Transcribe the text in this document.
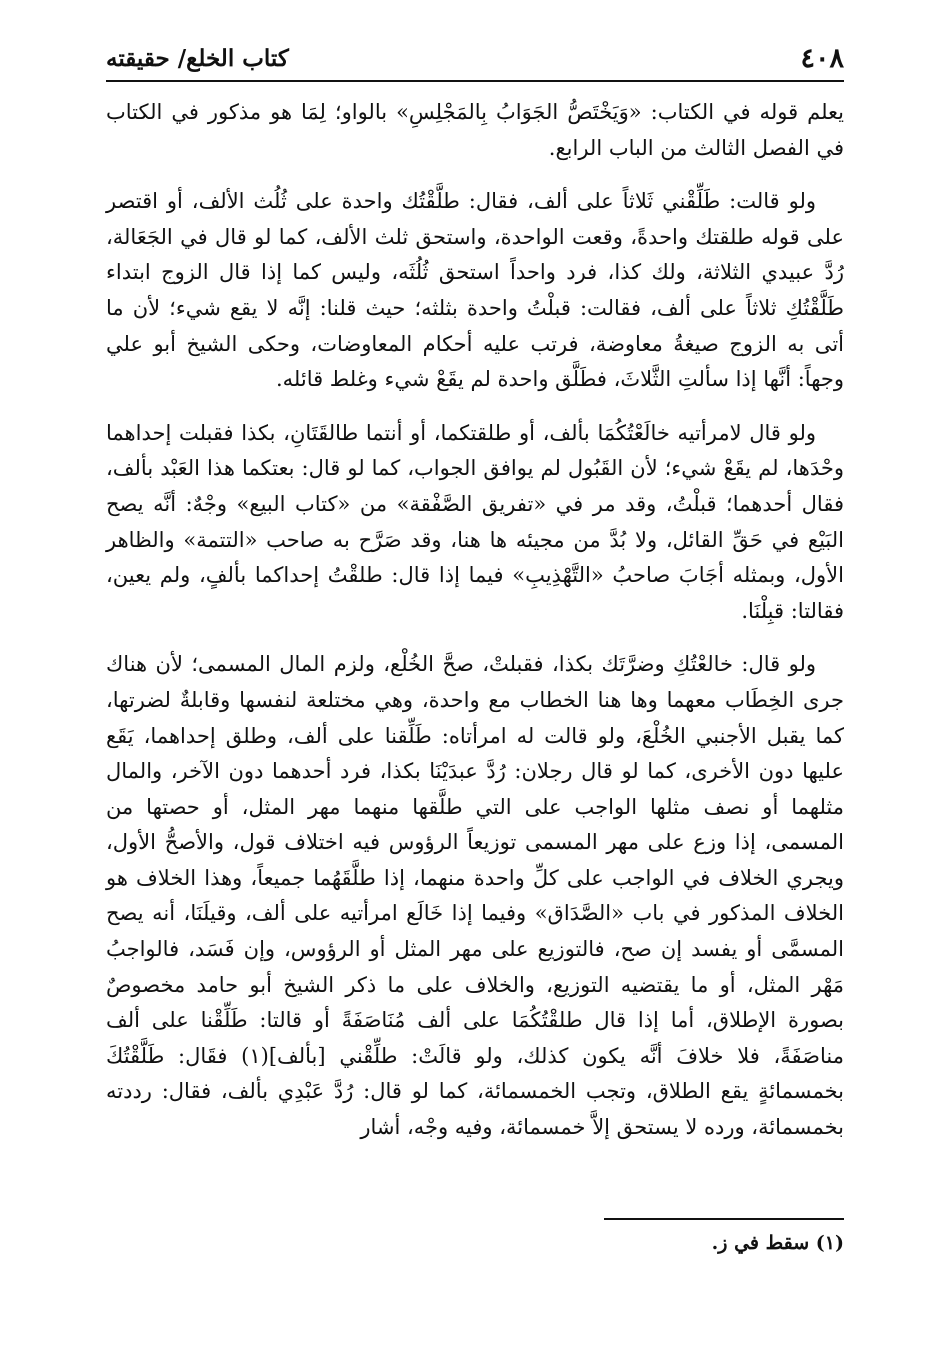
٤٠٨
كتاب الخلع/ حقيقته

يعلم قوله في الكتاب: «وَيَخْتَصُّ الجَوَابُ بِالمَجْلِسِ» بالواو؛ لِمَا هو مذكور في الكتاب في الفصل الثالث من الباب الرابع.

ولو قالت: طَلِّقْني ثَلاثاً على ألف، فقال: طلَّقْتُك واحدة على ثُلُث الألف، أو اقتصر على قوله طلقتك واحدةً، وقعت الواحدة، واستحق ثلث الألف، كما لو قال في الجَعَالة، رُدَّ عبيدي الثلاثة، ولك كذا، فرد واحداً استحق ثُلُثَه، وليس كما إذا قال الزوج ابتداء طَلَّقْتُكِ ثلاثاً على ألف، فقالت: قبلْتُ واحدة بثلثه؛ حيث قلنا: إنَّه لا يقع شيء؛ لأن ما أتى به الزوج صيغةُ معاوضة، فرتب عليه أحكام المعاوضات، وحكى الشيخ أبو علي وجهاً: أنَّها إذا سألتِ الثَّلاثَ، فطَلَّق واحدة لم يقَعْ شيء وغلط قائله.

ولو قال لامرأتيه خالَعْتُكُمَا بألف، أو طلقتكما، أو أنتما طالقَتَانِ، بكذا فقبلت إحداهما وحْدَها، لم يقَعْ شيء؛ لأن القَبُول لم يوافق الجواب، كما لو قال: بعتكما هذا العَبْد بألف، فقال أحدهما؛ قبلْتُ، وقد مر في «تفريق الصَّفْقة» من «كتاب البيع» وجْهٌ: أنَّه يصح البَيْع في حَقِّ القائل، ولا بُدَّ من مجيئه ها هنا، وقد صَرَّح به صاحب «التتمة» والظاهر الأول، وبمثله أجَابَ صاحبُ «التَّهْذِيبِ» فيما إذا قال: طلقْتُ إحداكما بألفٍ، ولم يعين، فقالتا: قبِلْنَا.

ولو قال: خالعْتُكِ وضرَّتَك بكذا، فقبلتْ، صحَّ الخُلْع، ولزم المال المسمى؛ لأن هناك جرى الخِطَاب معهما وها هنا الخطاب مع واحدة، وهي مختلعة لنفسها وقابلةٌ لضرتها، كما يقبل الأجنبي الخُلْعَ، ولو قالت له امرأتاه: طَلِّقنا على ألف، وطلق إحداهما، يَقَع عليها دون الأخرى، كما لو قال رجلان: رُدَّ عبدَيْنَا بكذا، فرد أحدهما دون الآخر، والمال مثلهما أو نصف مثلها الواجب على التي طلَّقها منهما مهر المثل، أو حصتها من المسمى، إذا وزع على مهر المسمى توزيعاً الرؤوس فيه اختلاف قول، والأصحُّ الأول، ويجري الخلاف في الواجب على كلِّ واحدة منهما، إذا طلَّقَهُما جميعاً، وهذا الخلاف هو الخلاف المذكور في باب «الصَّدَاق» وفيما إذا خَالَع امرأتيه على ألف، وقيلَنَا، أنه يصح المسمَّى أو يفسد إن صح، فالتوزيع على مهر المثل أو الرؤوس، وإن فَسَد، فالواجبُ مَهْر المثل، أو ما يقتضيه التوزيع، والخلاف على ما ذكر الشيخ أبو حامد مخصوصٌ بصورة الإطلاق، أما إذا قال طلقْتُكُمَا على ألف مُنَاصَفَةً أو قالتا: طَلِّقْنا على ألف مناصَفَةً، فلا خلافَ أنَّه يكون كذلك، ولو قالَتْ: طلِّقْني [بألف](١) فقَال: طَلَّقْتُكَ بخمسمائةٍ يقع الطلاق، وتجب الخمسمائة، كما لو قال: رُدَّ عَبْدِي بألف، فقال: رددته بخمسمائة، ورده لا يستحق إلاَّ خمسمائة، وفيه وجْه، أشار

(١) سقط في ز.
